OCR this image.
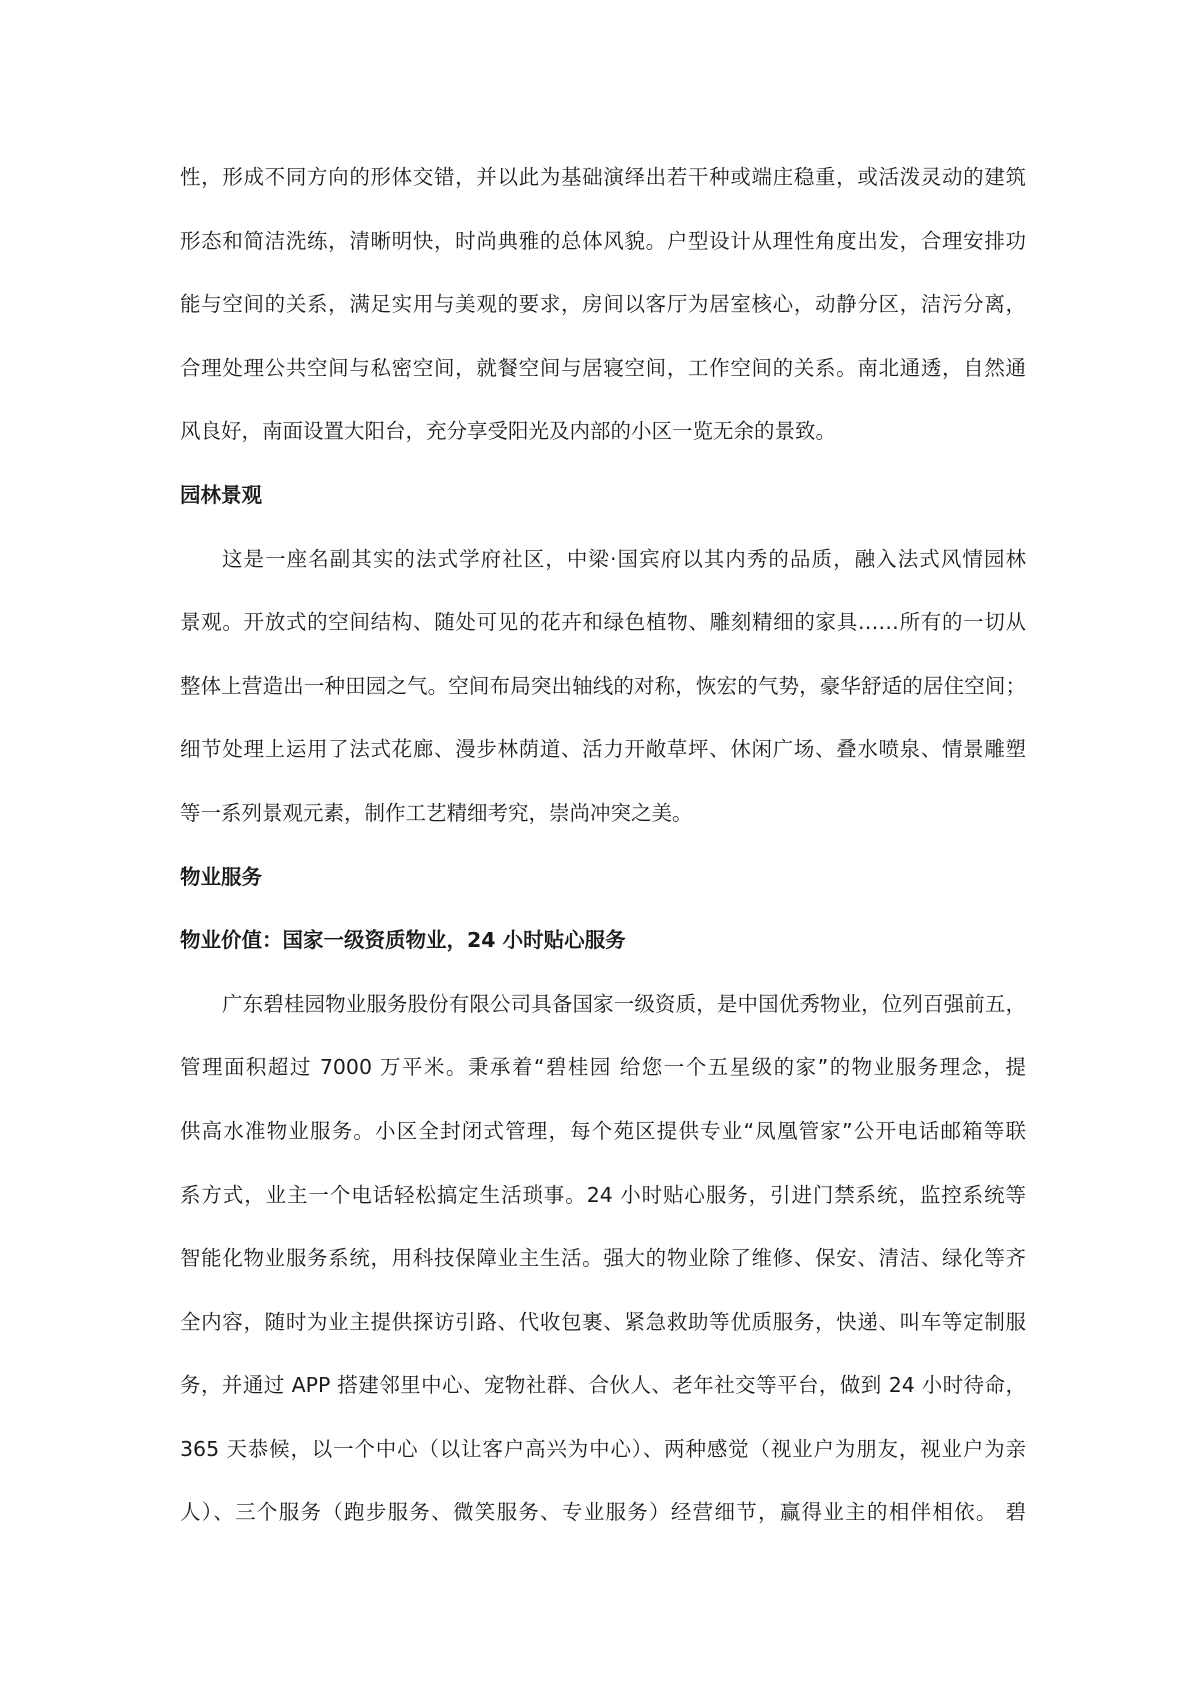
性，形成不同方向的形体交错，并以此为基础演绎出若干种或端庄稳重，或活泼灵动的建筑
形态和简洁洗练，清晰明快，时尚典雅的总体风貌。户型设计从理性角度出发，合理安排功
能与空间的关系，满足实用与美观的要求，房间以客厅为居室核心，动静分区，洁污分离，
合理处理公共空间与私密空间，就餐空间与居寝空间，工作空间的关系。南北通透，自然通
风良好，南面设置大阳台，充分享受阳光及内部的小区一览无余的景致。
园林景观
这是一座名副其实的法式学府社区，中梁·国宾府以其内秀的品质，融入法式风情园林
景观。开放式的空间结构、随处可见的花卉和绿色植物、雕刻精细的家具……所有的一切从
整体上营造出一种田园之气。空间布局突出轴线的对称，恢宏的气势，豪华舒适的居住空间；
细节处理上运用了法式花廊、漫步林荫道、活力开敞草坪、休闲广场、叠水喷泉、情景雕塑
等一系列景观元素，制作工艺精细考究，崇尚冲突之美。
物业服务
物业价值：国家一级资质物业，24 小时贴心服务
广东碧桂园物业服务股份有限公司具备国家一级资质，是中国优秀物业，位列百强前五，
管理面积超过 7000 万平米。秉承着“碧桂园 给您一个五星级的家”的物业服务理念，提
供高水准物业服务。小区全封闭式管理，每个苑区提供专业“凤凰管家”公开电话邮箱等联
系方式，业主一个电话轻松搞定生活琐事。24 小时贴心服务，引进门禁系统，监控系统等
智能化物业服务系统，用科技保障业主生活。强大的物业除了维修、保安、清洁、绿化等齐
全内容，随时为业主提供探访引路、代收包裹、紧急救助等优质服务，快递、叫车等定制服
务，并通过 APP 搭建邻里中心、宠物社群、合伙人、老年社交等平台，做到 24 小时待命，
365 天恭候，以一个中心（以让客户高兴为中心）、两种感觉（视业户为朋友，视业户为亲
人）、三个服务（跑步服务、微笑服务、专业服务）经营细节，赢得业主的相伴相依。 碧
